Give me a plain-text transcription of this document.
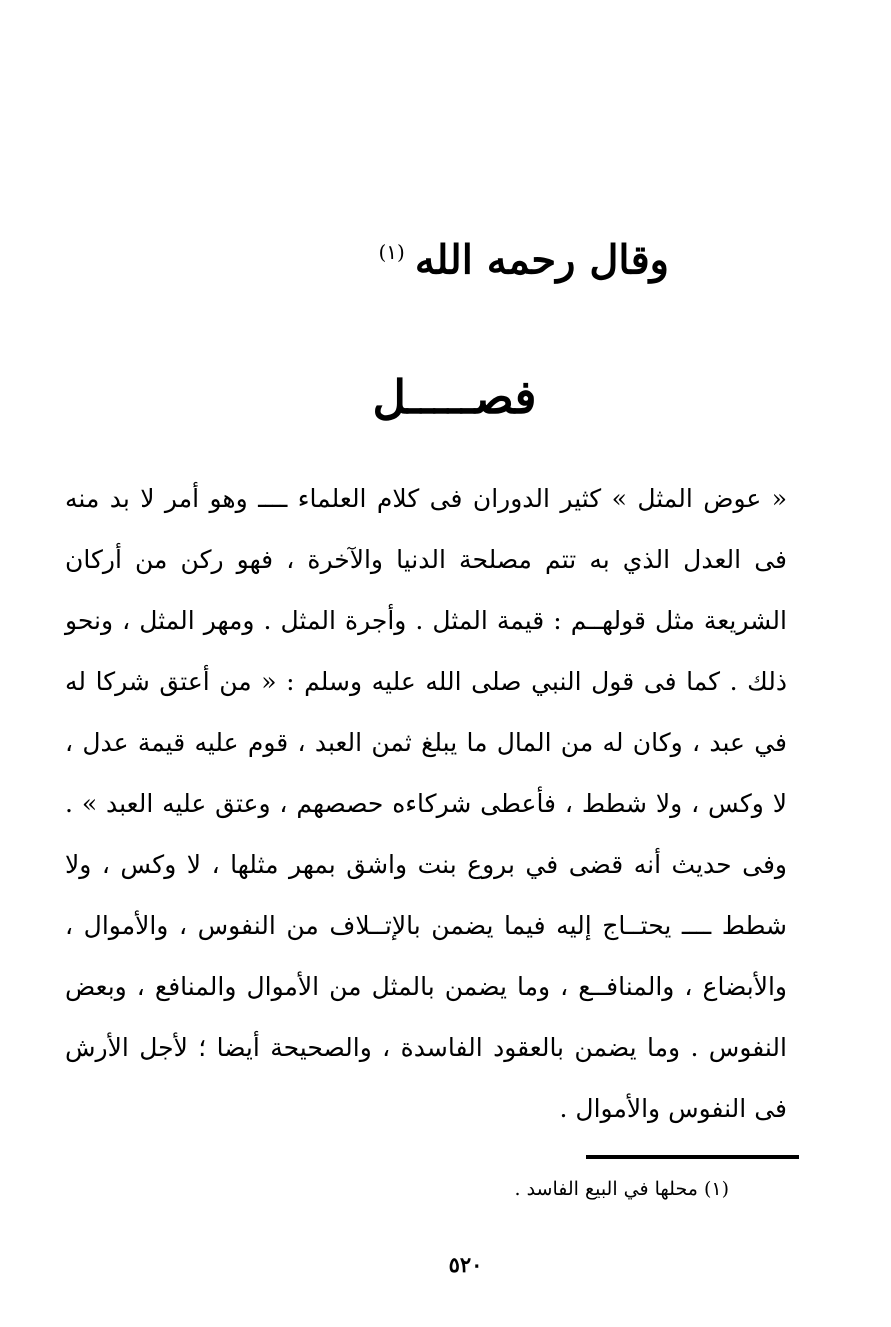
وقال رحمه الله$^{(١)}$
فصـــــل
« عوض المثل » كثير الدوران فى كلام العلماء ــــ وهو أمر لا بد منه
فى العدل الذي به تتم مصلحة الدنيا والآخرة ، فهو ركن من أركان
الشريعة مثل قولهــم : قيمة المثل . وأجرة المثل . ومهر المثل ، ونحو
ذلك . كما فى قول النبي صلى الله عليه وسلم : « من أعتق شركا له
في عبد ، وكان له من المال ما يبلغ ثمن العبد ، قوم عليه قيمة عدل ،
لا وكس ، ولا شطط ، فأعطى شركاءه حصصهم ، وعتق عليه العبد » .
وفى حديث أنه قضى في بروع بنت واشق بمهر مثلها ، لا وكس ، ولا
شطط ــــ يحتــاج إليه فيما يضمن بالإتــلاف من النفوس ، والأموال ،
والأبضاع ، والمنافــع ، وما يضمن بالمثل من الأموال والمنافع ، وبعض
النفوس . وما يضمن بالعقود الفاسدة ، والصحيحة أيضا ؛ لأجل الأرش
فى النفوس والأموال .
(١) محلها في البيع الفاسد .
٥٢٠
